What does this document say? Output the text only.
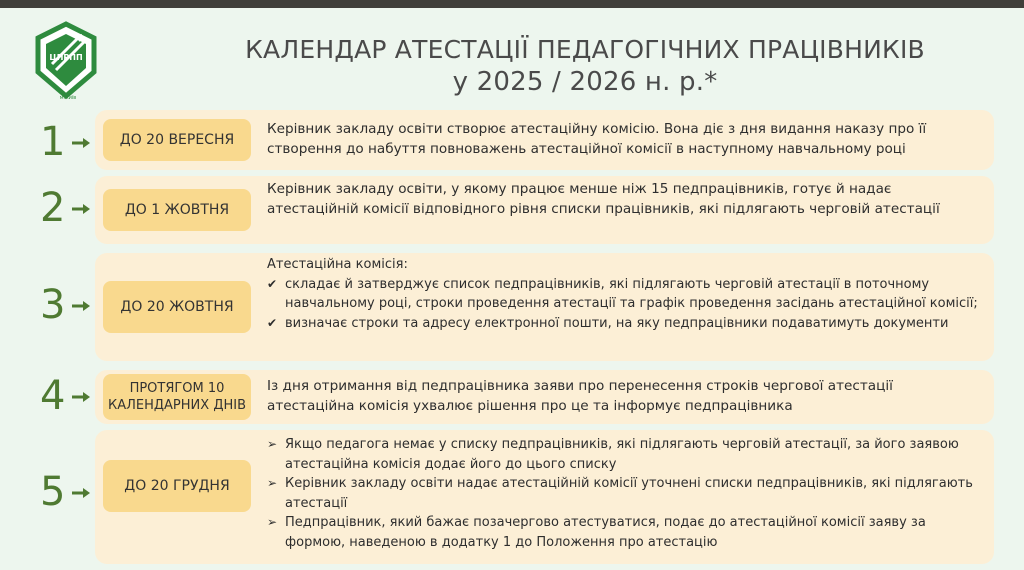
ЦПРПП
м.Київ
КАЛЕНДАР АТЕСТАЦІЇ ПЕДАГОГІЧНИХ ПРАЦІВНИКІВ
у 2025 / 2026 н. р.*
1	ДО 20 ВЕРЕСНЯ
Керівник закладу освіти створює атестаційну комісію. Вона діє з дня видання наказу про її створення до набуття повноважень атестаційної комісії в наступному навчальному році
2	ДО 1 ЖОВТНЯ
Керівник закладу освіти, у якому працює менше ніж 15 педпрацівників, готує й надає атестаційній комісії відповідного рівня списки працівників, які підлягають черговій атестації
3	ДО 20 ЖОВТНЯ
Атестаційна комісія:
✔ складає й затверджує список педпрацівників, які підлягають черговій атестації в поточному навчальному році, строки проведення атестації та графік проведення засідань атестаційної комісії;
✔ визначає строки та адресу електронної пошти, на яку педпрацівники подаватимуть документи
4	ПРОТЯГОМ 10
КАЛЕНДАРНИХ ДНІВ
Із дня отримання від педпрацівника заяви про перенесення строків чергової атестації атестаційна комісія ухвалює рішення про це та інформує педпрацівника
5	ДО 20 ГРУДНЯ
➢ Якщо педагога немає у списку педпрацівників, які підлягають черговій атестації, за його заявою атестаційна комісія додає його до цього списку
➢ Керівник закладу освіти надає атестаційній комісії уточнені списки педпрацівників, які підлягають атестації
➢ Педпрацівник, який бажає позачергово атестуватися, подає до атестаційної комісії заяву за формою, наведеною в додатку 1 до Положення про атестацію
